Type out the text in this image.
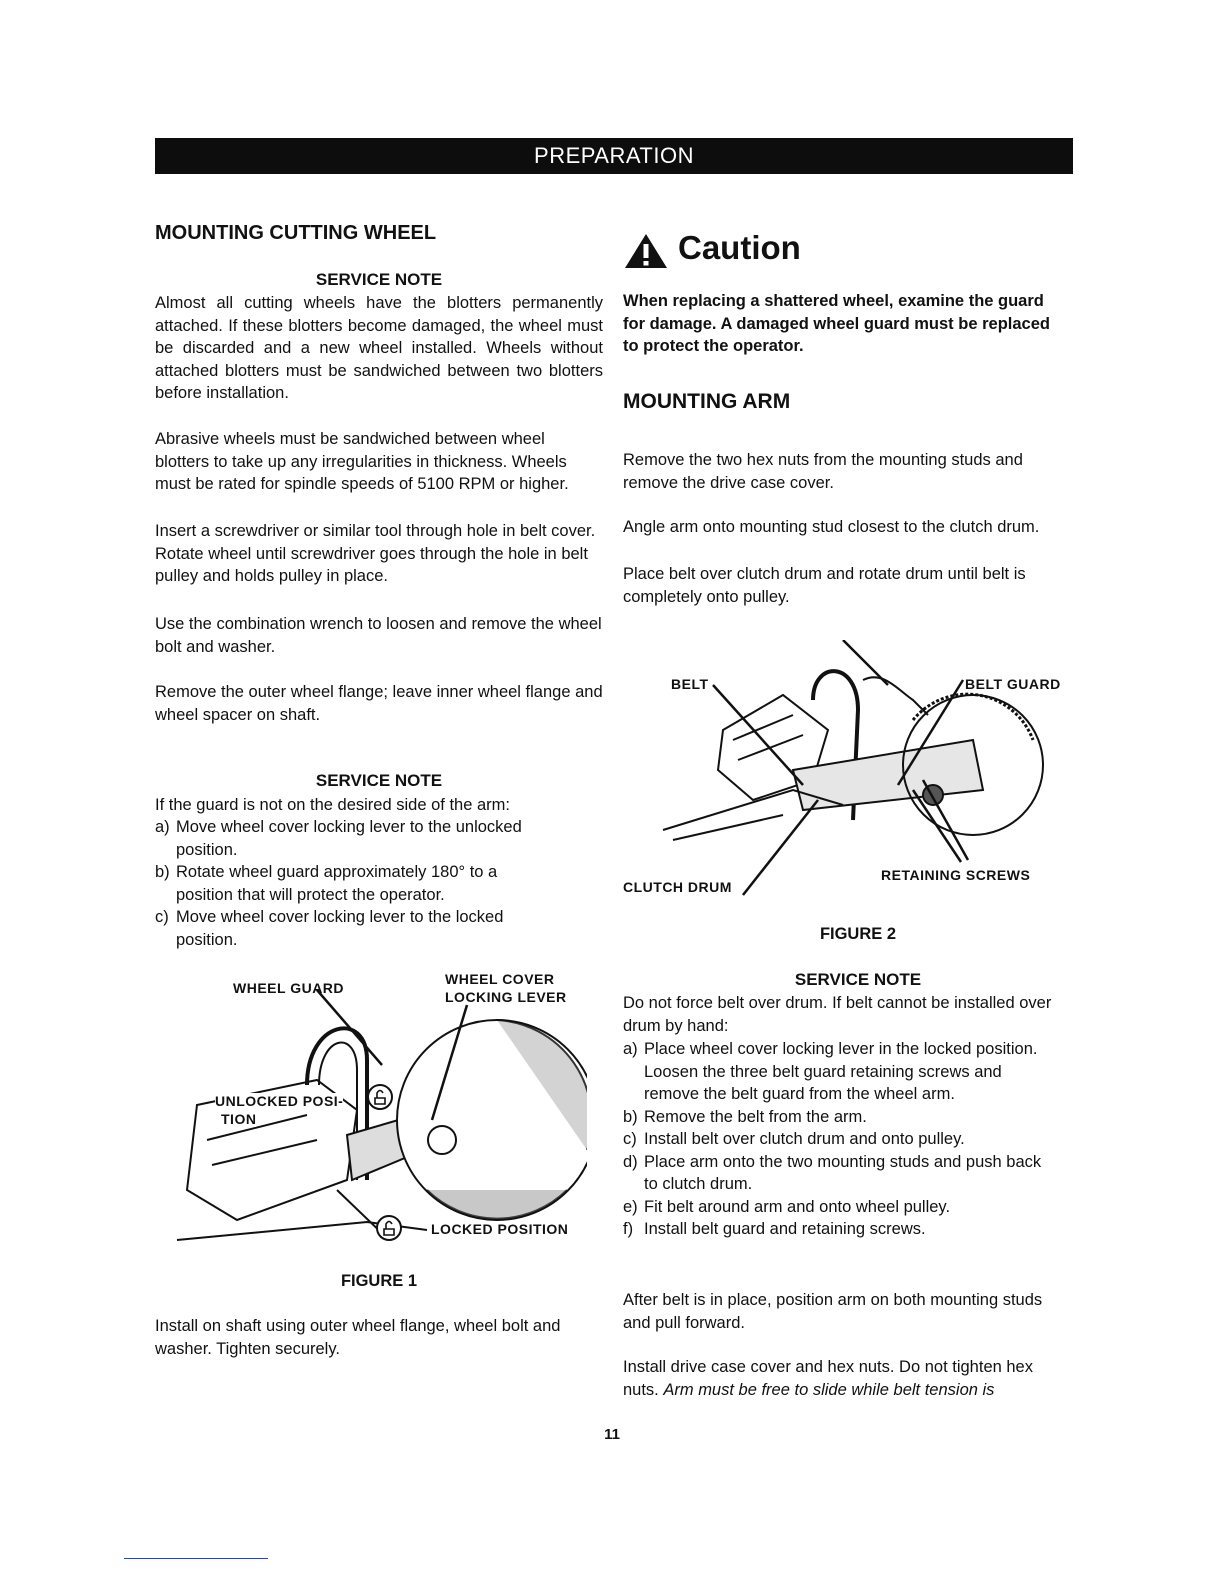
PREPARATION
MOUNTING CUTTING WHEEL
SERVICE NOTE
Almost all cutting wheels have the blotters permanently attached. If these blotters become damaged, the wheel must be discarded and a new wheel installed. Wheels without attached blotters must be sandwiched between two blotters before installation.
Abrasive wheels must be sandwiched between wheel blotters to take up any irregularities in thickness. Wheels must be rated for spindle speeds of 5100 RPM or higher.
Insert a screwdriver or similar tool through hole in belt cover. Rotate wheel until screwdriver goes through the hole in belt pulley and holds pulley in place.
Use the combination wrench to loosen and remove the wheel bolt and washer.
Remove the outer wheel flange; leave inner wheel flange and wheel spacer on shaft.
SERVICE NOTE
If the guard is not on the desired side of the arm:
a) Move wheel cover locking lever to the unlocked position.
b) Rotate wheel guard approximately 180° to a position that will protect the operator.
c) Move wheel cover locking lever to the locked position.
WHEEL GUARD
WHEEL COVER
LOCKING LEVER
UNLOCKED POSI-
TION
LOCKED POSITION
FIGURE 1
Install on shaft using outer wheel flange, wheel bolt and washer. Tighten securely.
Caution
When replacing a shattered wheel, examine the guard for damage. A damaged wheel guard must be replaced to protect the operator.
MOUNTING ARM
Remove the two hex nuts from the mounting studs and remove the drive case cover.
Angle arm onto mounting stud closest to the clutch drum.
Place belt over clutch drum and rotate drum until belt is completely onto pulley.
BELT	BELT GUARD
RETAINING SCREWS
CLUTCH DRUM
FIGURE 2
SERVICE NOTE
Do not force belt over drum. If belt cannot be installed over drum by hand:
a) Place wheel cover locking lever in the locked position. Loosen the three belt guard retaining screws and remove the belt guard from the wheel arm.
b) Remove the belt from the arm.
c) Install belt over clutch drum and onto pulley.
d) Place arm onto the two mounting studs and push back to clutch drum.
e) Fit belt around arm and onto wheel pulley.
f) Install belt guard and retaining screws.
After belt is in place, position arm on both mounting studs and pull forward.
Install drive case cover and hex nuts. Do not tighten hex nuts. Arm must be free to slide while belt tension is
11
